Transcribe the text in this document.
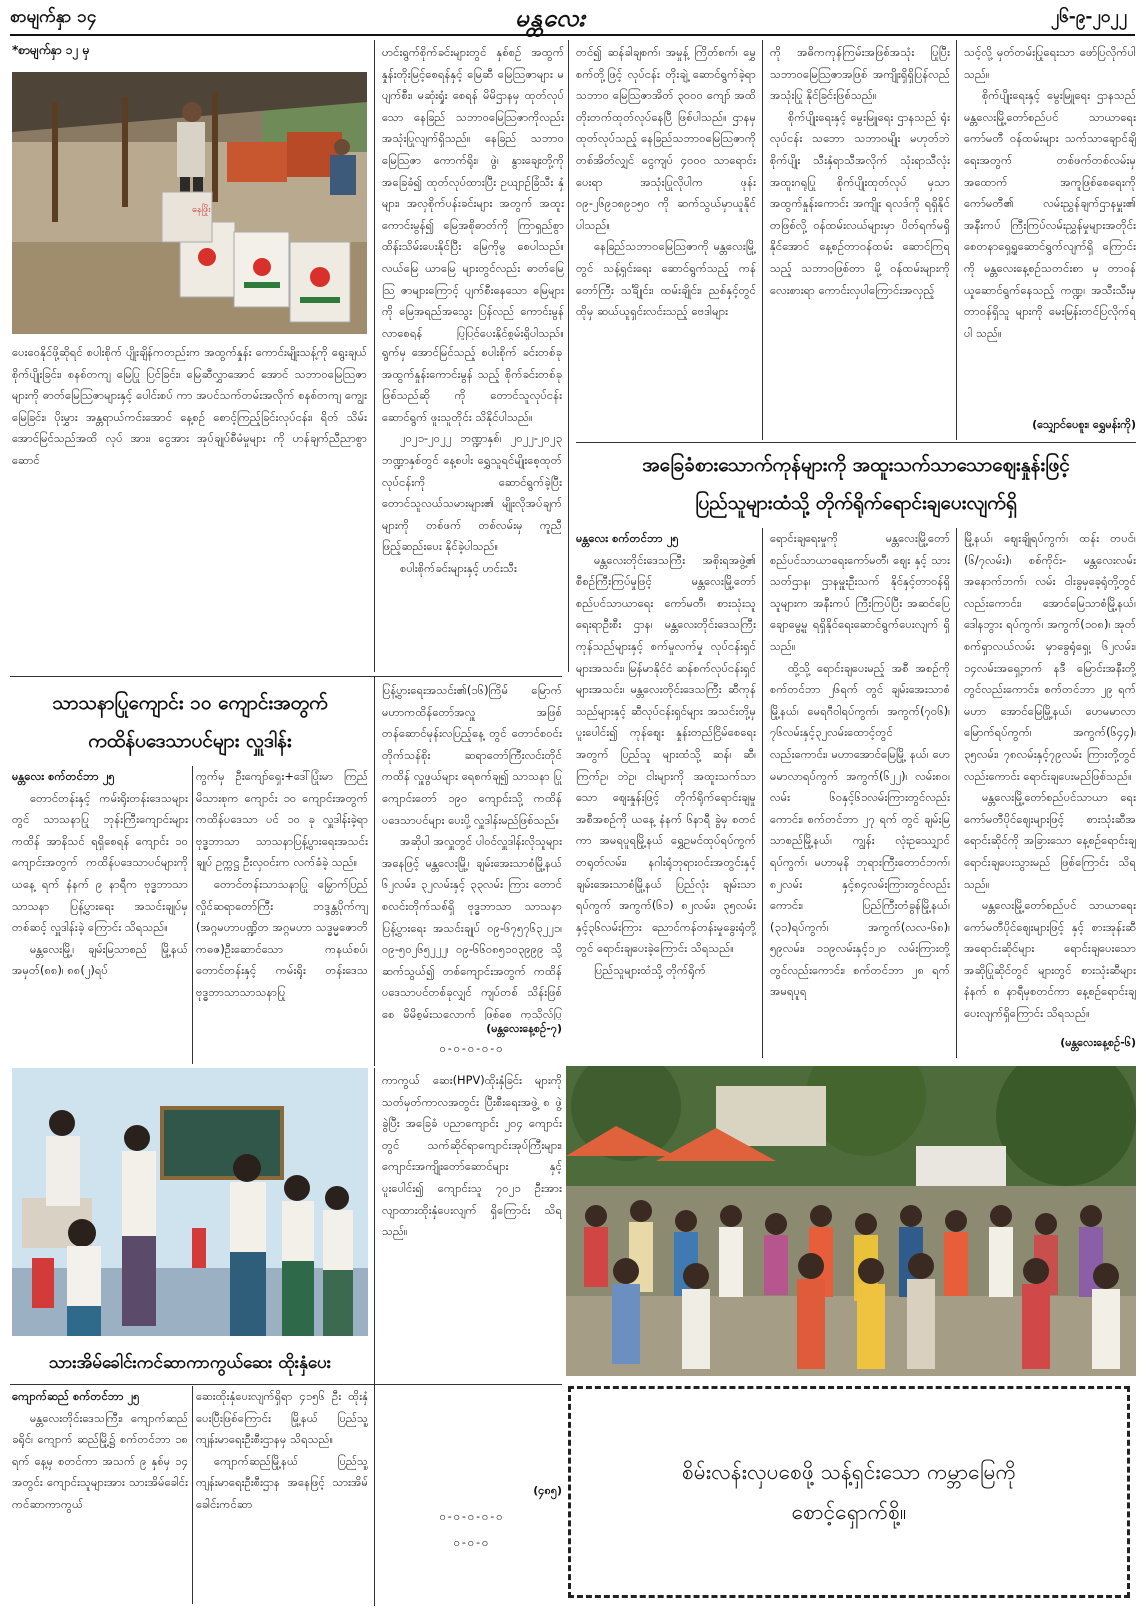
စာမျက်နှာ ၁၄	မန္တလေး	၂၆-၉-၂၀၂၂
*စာမျက်နှာ ၁၂ မှ
နေဖြိုး

ပေးဝေနိုင်ဖို့ဆိုရင် စပါးစိုက် ပျိုးချိန်ကတည်းက အထွက်နှုန်း ကောင်းမျိုးသန့်ကို ရွေးချယ် စိုက်ပျိုးခြင်း၊ စနစ်တကျ မြေပြု ပြင်ခြင်း၊ မြေဆီလွှာအောင် အောင် သဘာဝမြေဩဇာများကို ဓာတ်မြေဩဇာများနှင့် ပေါင်းစပ် ကာ အပင်သက်တမ်းအလိုက် စနစ်တကျ ကျွေးမြေခြင်း၊ ပိုးမွှား အန္တရာယ်ကင်းအောင် နေ့စဉ် စောင့်ကြည့်ခြင်းလုပ်ငန်း၊ ရိတ် သိမ်းအောင်မြင်သည်အထိ လုပ် အား၊ ငွေအား အုပ်ချုပ်စီမံမှုများ ကို ဟန်ချက်ညီညာစွာဆောင်

ရွက်မှ အောင်မြင်သည့် စပါးစိုက် ခင်းတစ်ခု အထွက်နှုန်းကောင်းမွန် သည့် စိုက်ခင်းတစ်ခုဖြစ်သည်ဆို ကို တောင်သူလုပ်ငန်း ဆောင်ရွက် ဖူးသူတိုင်း သိနိုင်ပါသည်။

၂၀၂၁-၂၀၂၂ ဘဏ္ဍာနှစ်၊ ၂၀၂၂-၂၀၂၃ ဘဏ္ဍာနှစ်တွင် နေ့စပါး ရွှေသူရင်မျိုးစေ့ထုတ် လုပ်ငန်းကို ဆောင်ရွက်ခဲ့ပြီး တောင်သူလယ်သမားများ၏ မျိုးလိုအပ်ချက်များကို တစ်ဖက် တစ်လမ်းမှ ကူညီဖြည့်ဆည်းပေး နိုင်ခဲ့ပါသည်။

စပါးစိုက်ခင်းများနှင့် ဟင်းသီး

ဟင်းရွက်စိုက်ခင်းများတွင် နှစ်စဉ် အထွက်နှုန်းတိုးမြင့်စေရန်နှင့် မြေဆီ မြေဩဇာများ မပျက်စီး၊ မဆုံးရှုံး စေရန် မိမိဌာနမှ ထုတ်လုပ်သော နေခြည် သဘာဝမြေဩဇာကိုလည်း အသုံးပြုလျက်ရှိသည်။ နေခြည် သဘာဝမြေဩဇာ ကောက်ရိုး၊ ဖွဲ၊ နွားချေးတို့ကို အခြေခံ၍ ထုတ်လုပ်ထားပြီး ဥယျာဉ်ခြံသီး နှံများ၊ အလှစိုက်ပန်းခင်းများ အတွက် အထူးကောင်းမွန်၍ မြေအစိုဓာတ်ကို ကြာရှည်စွာ ထိန်းသိမ်းပေးနိုင်ပြီး မြေကိုမွ စေပါသည်။ လယ်မြေ ယာမြေ များတွင်လည်း ဓာတ်မြေဩ ဇာများကြောင့် ပျက်စီးနေသော မြေများကို မြေအရည်အသွေး ပြန်လည် ကောင်းမွန်လာစေရန် ပြုပြင်ပေးနိုင်စွမ်းရှိပါသည်။

တင်၍ ဆန်ခါချစက်၊ အမှုန့် ကြိတ်စက်၊ မွှေစက်တို့ဖြင့် လုပ်ငန်း တိုးချဲ့ ဆောင်ရွက်ခဲ့ရာ သဘာဝ မြေဩဇာအိတ် ၃၀၀၀ ကျော် အထိ တိုးတက်ထုတ်လုပ်နေပြီ ဖြစ်ပါသည်။ ဌာနမှ ထုတ်လုပ်သည့် နေခြည်သဘာဝမြေဩဇာကို တစ်အိတ်လျှင် ငွေကျပ် ၄၀၀၀ သာရောင်းပေးရာ အသုံးပြုလိုပါက ဖုန်း ၀၉-၂၆၉၁၈၉၁၅၀ ကို ဆက်သွယ်မှာယူနိုင်ပါသည်။

နေခြည်သဘာဝမြေဩဇာကို မန္တလေးမြို့တွင် သန့်ရှင်းရေး ဆောင်ရွက်သည့် ကန်တော်ကြီး သင်္ချိုင်း၊ ထမ်းချိုင်း၊ ညစ်နှင့်တွင် ထိုမှ ဆယ်ယူရှင်းလင်းသည့် ဗေဒါများ

ကို အဓိကကုန်ကြမ်းအဖြစ်အသုံး ပြုပြီး သဘာဝမြေဩဇာအဖြစ် အကျိုးရှိရှိပြန်လည်အသုံးပြု နိုင်ခြင်းဖြစ်သည်။

စိုက်ပျိုးရေးနှင့် မွေးမြူရေး ဌာနသည် ရုံးလုပ်ငန်း သဘော သဘာဝမျိုး မဟုတ်ဘဲ စိုက်ပျိုး သီးနှံရာသီအလိုက် သုံးရာသီလုံး အထူးဂရုပြု စိုက်ပျိုးထုတ်လုပ် မှသာ အထွက်နှုန်းကောင်း အကျိုး ရလဒ်ကို ရရှိနိုင်တဖြစ်လို့ ဝန်ထမ်းလယ်များမှာ ပိတ်ရက်မရှိ နိုင်အောင် နေ့စဉ်တာဝန်ထမ်း ဆောင်ကြရသည့် သဘာဝဖြစ်တာ မို့ ဝန်ထမ်းများကို လေးစားရာ ကောင်းလှပါကြောင်းအလှည့်

သင့်လို့ မှတ်တမ်းပြုရေးသာ ဖော်ပြလိုက်ပါသည်။

စိုက်ပျိုးရေးနှင့် မွေးမြူရေး ဌာနသည် မန္တလေးမြို့တော်စည်ပင် သာယာရေးကော်မတီ ဝန်ထမ်းများ သက်သာချောင်ချိရေးအတွက် တစ်ဖက်တစ်လမ်းမှ အထောက် အကူဖြစ်စေရေးကို ကော်မတီ၏ လမ်းညွှန်ချက်ဌာနမှူး၏ အနီးကပ် ကြီးကြပ်လမ်းညွှန်မှုများအတိုင်း စေတနာရှေ့ရှုဆောင်ရွက်လျက်ရှိ ကြောင်းကို မန္တလေးနေ့စဉ်သတင်းစာ မှ တာဝန်ယူဆောင်ရွက်နေသည့် ကဏ္ဍ၊ အသီးသီးမှ တာဝန်ရှိသူ များကို မေးမြန်းတင်ပြလိုက်ရပါ သည်။

(သျှောင်ပေစူး၊ ရွှေမန်းကို)
အခြေခံစားသောက်ကုန်များကို အထူးသက်သာသောဈေးနှုန်းဖြင့်
ပြည်သူများထံသို့ တိုက်ရိုက်ရောင်းချပေးလျက်ရှိ

မန္တလေး စက်တင်ဘာ ၂၅

မန္တလေးတိုင်းဒေသကြီး အစိုးရအဖွဲ့၏ စီစဉ်ကြီးကြပ်မှုဖြင့် မန္တလေးမြို့တော်စည်ပင်သာယာရေး ကော်မတီ၊ စားသုံးသူရေးရာဦးစီး ဌာန၊ မန္တလေးတိုင်းဒေသကြီး ကုန်သည်များနှင့် စက်မှုလက်မှု လုပ်ငန်းရှင်များအသင်း၊ မြန်မာနိုင်ငံ ဆန်စက်လုပ်ငန်းရှင်များအသင်း၊ မန္တလေးတိုင်းဒေသကြီး ဆီကုန် သည်များနှင့် ဆီလုပ်ငန်းရှင်များ အသင်းတို့မှ ပူးပေါင်း၍ ကုန်ဈေး နှုန်းတည်ငြိမ်စေရေးအတွက် ပြည်သူ များထံသို့ ဆန်၊ ဆီ၊ ကြက်ဥ၊ ဘဲဥ၊ ငါးများကို အထူးသက်သာသော ဈေးနှုန်းဖြင့် တိုက်ရိုက်ရောင်းချမှု အစီအစဉ်ကို ယနေ့ နံနက် ၆နာရီ ခွဲမှ စတင်ကာ အမရပူရမြို့နယ် ရွှေဥမင်ထုပ်ရပ်ကွက် တရုတ်လမ်း၊ နဂါးရုံဘုရားဝင်းအတွင်းနှင့် ချမ်းအေးသာစံမြို့နယ် ပြည်လုံး ချမ်းသာရပ်ကွက် အကွက်(၆၁) ၈၂လမ်း၊ ၃၅လမ်းနှင့်၃၆လမ်းကြား ညောင်ကန်တန်းမှုခွေးရုံတို့တွင် ရောင်းချပေးခဲ့ကြောင်း သိရသည်။

ပြည်သူများထံသို့ တိုက်ရိုက်

ရောင်းချရေးမှုကို မန္တလေးမြို့တော် စည်ပင်သာယာရေးကော်မတီ၊ ဈေး နှင့် သားသတ်ဌာန၊ ဌာနမှူးဦးသက် နိုင်နှင့်တာဝန်ရှိသူများက အနီးကပ် ကြီးကြပ်ပြီး အဆင်ပြေချောမွေ့မှု ရရှိနိုင်ရေးဆောင်ရွက်ပေးလျက် ရှိသည်။

ထို့သို့ ရောင်းချပေးမည့် အစီ အစဉ်ကို စက်တင်ဘာ ၂၆ရက် တွင် ချမ်းအေးသာစံမြို့နယ်၊ မေရဂီဝါရပ်ကွက်၊ အကွက်(၇၀၆)၊ ၇၆လမ်းနှင့်၃၂လမ်းထောင့်တွင် လည်းကောင်း၊ မဟာအောင်မြေမြို့ နယ်၊ ဟေမမာလာရပ်ကွက် အကွက်(၆၂၂)၊ လမ်း၈၀၊ လမ်း ၆၀နှင့်၆၁လမ်းကြားတွင်လည်း ကောင်း၊ စက်တင်ဘာ ၂၇ ရက် တွင် ချမ်းမြသာစည်မြို့နယ်၊ ကျွန်း လုံးဥဿျှောင်ရပ်ကွက်၊ မဟာမုနိ ဘုရားကြီးတောင်ဘက်၊ ၈၂လမ်း နှင့်၈၄လမ်းကြားတွင်လည်း ကောင်း၊ ပြည်ကြီးတံခွန်မြို့နယ်၊ (၃၁)ရပ်ကွက်၊ အကွက်(လလ-၆၈)၊ ၅၉လမ်း၊ ၁၁၉လမ်းနှင့်၁၂၀ လမ်းကြားတို့တွင်လည်းကောင်း၊ စက်တင်ဘာ ၂၈ ရက် အမရပူရ

မြို့နယ်၊ ဈေးချိုရပ်ကွက်၊ ထန်း တပင်၊ (၆/၇လမ်း)၊ စစ်ကိုင်း- မန္တလေးလမ်းအနောက်ဘက်၊ လမ်း ငါးခွမှခေ့ရုံတို့တွင်လည်းကောင်း၊ အောင်မြေသာစံမြို့နယ်၊ ဒေါနဘွား ရပ်ကွက်၊ အကွက်(၁၀၈)၊ အုတ် စက်ရှာလယ်လမ်း မှာခွေရုံရှေ့၊ ၆၂လမ်း၊ ၁၄လမ်းအရှေ့ဘက် နဒီ မြောင်းအနီးတို့တွင်လည်းကောင်း၊ စက်တင်ဘာ ၂၉ ရက် မဟာ အောင်မြေမြို့နယ်၊ ဟေမမာလာ မြောက်ရပ်ကွက်၊ အကွက်(၆၄၄)၊ ၃၅လမ်း၊ ၇၈လမ်းနှင့်၇၉လမ်း ကြားတို့တွင်လည်းကောင်း ရောင်းချပေးမည်ဖြစ်သည်။

မန္တလေးမြို့တော်စည်ပင်သာယာ ရေးကော်မတီပိုင်ဈေးများဖြင့် စားသုံးဆီအရောင်းဆိုင်ကို အခြားသော နေ့စဉ်ရောင်းချ ရောင်းချပေးသွားမည် ဖြစ်ကြောင်း သိရသည်။

မန္တလေးမြို့တော်စည်ပင် သာယာရေးကော်မတီပိုင်ဈေးများဖြင့် နှင့် စားအုန်းဆီအရောင်းဆိုင်များ ရောင်းချပေးသော အဆိုပြုဆိုင်တွင် များတွင် စားသုံးဆီများ နံနက် ၈ နာရီမှစတင်ကာ နေ့စဉ်ရောင်းချ ပေးလျက်ရှိကြောင်း သိရသည်။

(မန္တလေးနေ့စဉ်-၆)
စိမ်းလန်းလှပစေဖို့ သန့်ရှင်းသော ကမ္ဘာမြေကို
စောင့်ရှောက်စို့။
သာသနာပြုကျောင်း ၁၀ ကျောင်းအတွက်
ကထိန်ပဒေသာပင်များ လှူဒါန်း

မန္တလေး စက်တင်ဘာ ၂၅

တောင်တန်းနှင့် ကမ်းရိုးတန်းဒေသများတွင် သာသနာပြု ဘုန်းကြီးကျောင်းများ ကထိန် အာနိသင် ရရှိစေရန် ကျောင်း ၁၀ ကျောင်းအတွက် ကထိန်ပဒေသာပင်များကို ယနေ့ ရက် နံနက် ၉ နာရီက ဗုဒ္ဓဘာသာသာသနာ ပြန့်ပွားရေး အသင်းချုပ်မှတစ်ဆင့် လှူဒါန်းခဲ့ ကြောင်း သိရသည်။

မန္တလေးမြို့၊ ချမ်းမြသာစည် မြို့နယ် အမှတ်(၈၈)၊ ၈၈(၂)ရပ်

ကွက်မှ ဦးကျော်ရှေး+ဒေါ်ပြုံးမာ ကြည် မိသားစုက ကျောင်း ၁၀ ကျောင်းအတွက် ကထိန်ပဒေသာ ပင် ၁၀ ခု လှူဒါန်းခဲ့ရာ ဗုဒ္ဓဘာသာ သာသနာပြန့်ပွားရေးအသင်းချုပ် ဥက္ကဋ္ဌ ဦးလှဝင်းက လက်ခံခဲ့ သည်။

တောင်တန်းသာသနာပြု မြှောက်ပြည်လှိုင်ဆရာတော်ကြီး ဘဒ္ဒန္တပိုက်ကျ (အဂ္ဂမဟာပဏ္ဍိတ အဂ္ဂမဟာ သဒ္ဓမ္မဇောတိကဓဇ)ဦးဆောင်သော ကနယ်စပ်၊ တောင်တန်းနှင့် ကမ်းရိုး တန်းဒေသ ဗုဒ္ဓဘာသာသာသနာပြု

ပြန့်ပွားရေးအသင်း၏(၁၆)ကြိမ် မြောက် မဟာကထိန်တော်အလှူ အဖြစ် တန်ဆောင်မုန်းလပြည့်နေ့ တွင် တောင်စဝင်းတိုက်သန်စိုး ဆရာတော်ကြီးလင်းတိုင် ကထိန် လှူဖွယ်များ ရေစက်ချ၍ သာသနာ ပြုကျောင်းတော် ၁၉၀ ကျောင်းသို့ ကထိန်ပဒေသာပင်များ ပေးပို့ လှူဒါန်းမည်ဖြစ်သည်။

အဆိုပါ အလှူတွင် ပါဝင်လှူဒါန်းလိုသူများအနေဖြင့် မန္တလေးမြို့၊ ချမ်းအေးသာစံမြို့နယ် ၆၂လမ်း၊ ၃၂လမ်းနှင့် ၃၃လမ်း ကြား တောင်စလင်းတိုက်သစ်ရှိ ဗုဒ္ဓဘာသာ သာသနာပြန့်ပွားရေး အသင်းချုပ် ၀၉-၆၇၅၇၆၃၂၂၁၊ ၀၉-၅၀၂၆၅၂၂၂၊ ၀၉-၆၆၀၈၅၁၀၃၉၉၉ သို့ ဆက်သွယ်၍ တစ်ကျောင်းအတွက် ကထိန် ပဒေသာပင်တစ်ခုလျှင် ကျပ်တစ် သိန်းဖြစ်စေ မိမိစွမ်းသလောက် ဖြစ်စေ ကုသိုလ်ပြု

(မန္တလေးနေ့စဉ်-၇)
၀-၀-၀-၀-၀
သားအိမ်ခေါင်းကင်ဆာကာကွယ်ဆေး ထိုးနှံပေး

ကျောက်ဆည် စက်တင်ဘာ ၂၅

မန္တလေးတိုင်းဒေသကြီး၊ ကျောက်ဆည်ခရိုင်၊ ကျောက် ဆည်မြို့၌ စက်တင်ဘာ ၁၈ ရက် နေ့မှ စတင်ကာ အသက် ၉ နှစ်မှ ၁၄ အတွင်း ကျောင်းသူများအား သားအိမ်ခေါင်းကင်ဆာကာကွယ်

ဆေးထိုးနှံပေးလျက်ရှိရာ ၄၁၅၆ ဦး ထိုးနှံပေးပြီးဖြစ်ကြောင်း မြို့နယ် ပြည်သူ့ကျန်းမာရေးဦးစီးဌာနမှ သိရသည်။

ကျောက်ဆည်မြို့နယ် ပြည်သူ့ကျန်းမာရေးဦးစီးဌာန အနေဖြင့် သားအိမ်ခေါင်းကင်ဆာ

ကာကွယ် ဆေး(HPV)ထိုးနှံခြင်း များကို သတ်မှတ်ကာလအတွင်း ပြီးစီးရေးအဖွဲ့ ၈ ဖွဲ့ခွဲပြီး အခြေခံ ပညာကျောင်း ၂၀၄ ကျောင်းတွင် သက်ဆိုင်ရာကျောင်းအုပ်ကြီးများ၊ ကျောင်းအကျိုးတော်ဆောင်များ နှင့် ပူးပေါင်း၍ ကျောင်းသူ ၇၀၂၁ ဦးအား လျာထားထိုးနှံပေးလျက် ရှိကြောင်း သိရသည်။

(၄၈၅)
၀-၀-၀-၀-၀
၀-၀-၀
